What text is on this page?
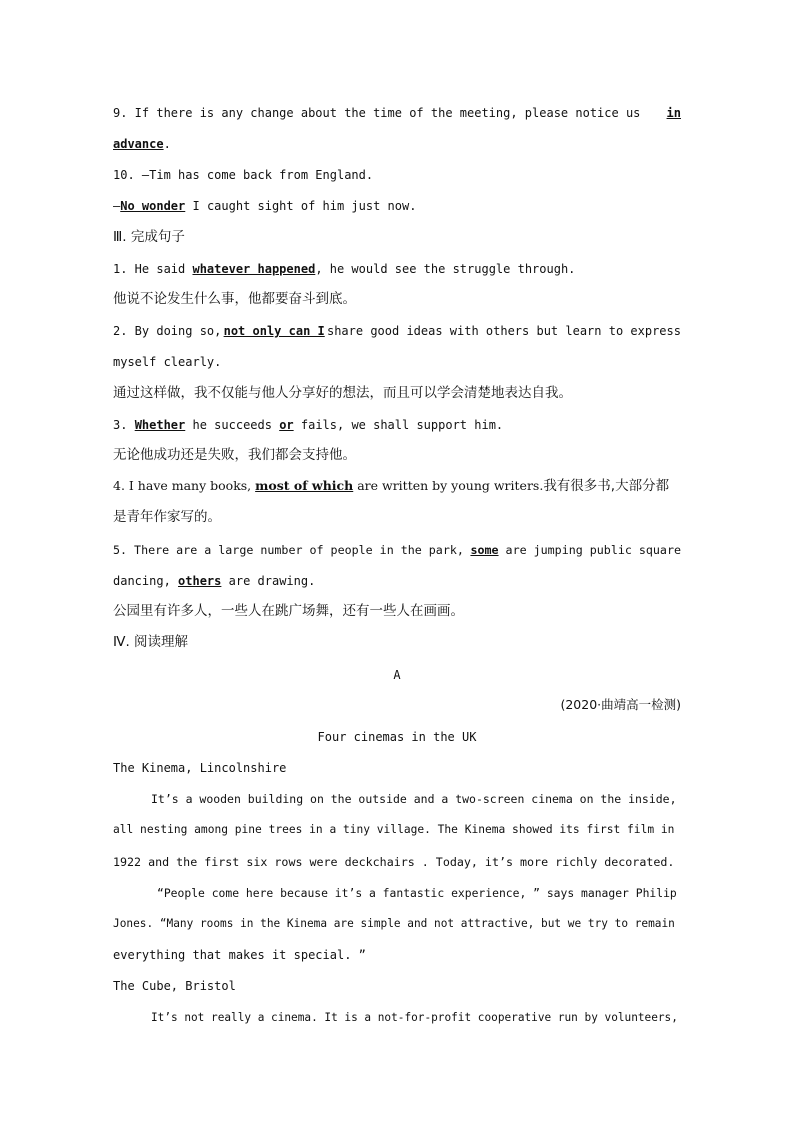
9. If there is any change about the time of the meeting, please notice us in
advance.
10. —Tim has come back from England.
—No wonder I caught sight of him just now.
Ⅲ. 完成句子
1. He said whatever happened, he would see the struggle through.
他说不论发生什么事，他都要奋斗到底。
2. By doing so, not only can I share good ideas with others but learn to express
myself clearly.
通过这样做，我不仅能与他人分享好的想法，而且可以学会清楚地表达自我。
3. Whether he succeeds or fails, we shall support him.
无论他成功还是失败，我们都会支持他。
4. I have many books, most of which are written by young writers.我有很多书,大部分都
是青年作家写的。
5. There are a large number of people in the park, some are jumping public square
dancing, others are drawing.
公园里有许多人，一些人在跳广场舞，还有一些人在画画。
Ⅳ. 阅读理解
A
(2020·曲靖高一检测)
Four cinemas in the UK
The Kinema, Lincolnshire
It’s a wooden building on the outside and a two-screen cinema on the inside,
all nesting among pine trees in a tiny village. The Kinema showed its first film in
1922 and the first six rows were deckchairs . Today, it’s more richly decorated.
“People come here because it’s a fantastic experience, ” says manager Philip
Jones. “Many rooms in the Kinema are simple and not attractive, but we try to remain
everything that makes it special. ”
The Cube, Bristol
It’s not really a cinema. It is a not-for-profit cooperative run by volunteers,
